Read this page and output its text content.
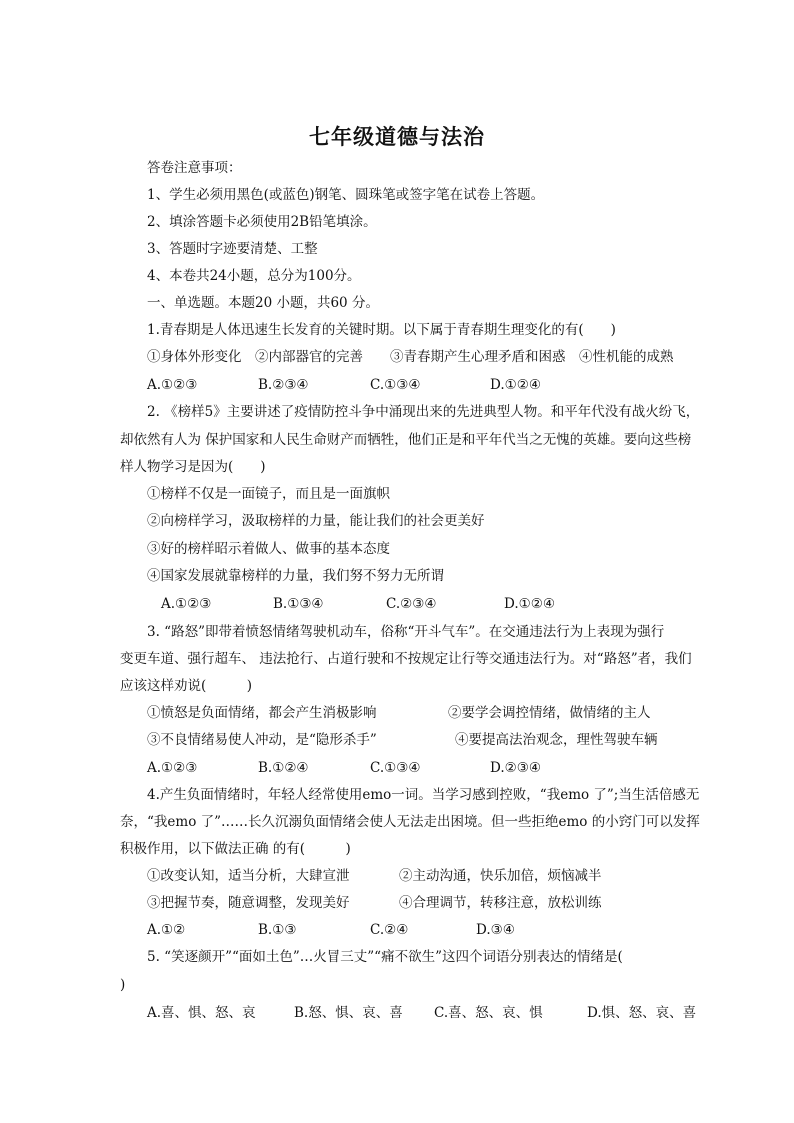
七年级道德与法治
答卷注意事项：
1、学生必须用黑色(或蓝色)钢笔、圆珠笔或签字笔在试卷上答题。
2、填涂答题卡必须使用2B铅笔填涂。
3、答题时字迹要清楚、工整
4、本卷共24小题，总分为100分。
一、单选题。本题20 小题，共60 分。
1.青春期是人体迅速生长发育的关键时期。以下属于青春期生理变化的有(　　)
①身体外形变化　②内部器官的完善　　③青春期产生心理矛盾和困惑　④性机能的成熟
A.①②③	B.②③④	C.①③④	D.①②④
2. 《榜样5》主要讲述了疫情防控斗争中涌现出来的先进典型人物。和平年代没有战火纷飞，
却依然有人为 保护国家和人民生命财产而牺牲，他们正是和平年代当之无愧的英雄。要向这些榜
样人物学习是因为(　　)
①榜样不仅是一面镜子，而且是一面旗帜
②向榜样学习，汲取榜样的力量，能让我们的社会更美好
③好的榜样昭示着做人、做事的基本态度
④国家发展就靠榜样的力量，我们努不努力无所谓
A.①②③	B.①③④	C.②③④	D.①②④
3. “路怒”即带着愤怒情绪驾驶机动车，俗称“开斗气车”。在交通违法行为上表现为强行
变更车道、强行超车、 违法抢行、占道行驶和不按规定让行等交通违法行为。对“路怒”者，我们
应该这样劝说(　　　)
①愤怒是负面情绪，都会产生消极影响	②要学会调控情绪，做情绪的主人
③不良情绪易使人冲动，是“隐形杀手”	④要提高法治观念，理性驾驶车辆
A.①②③	B.①②④	C.①③④	D.②③④
4.产生负面情绪时，年轻人经常使用emo一词。当学习感到控败，“我emo 了”;当生活倍感无
奈，“我emo 了”……长久沉溺负面情绪会使人无法走出困境。但一些拒绝emo 的小窍门可以发挥
积极作用，以下做法正确 的有(　　　)
①改变认知，适当分析，大肆宣泄	②主动沟通，快乐加倍，烦恼减半
③把握节奏，随意调整，发现美好	④合理调节，转移注意，放松训练
A.①②	B.①③	C.②④	D.③④
5. “笑逐颜开”“面如土色”…火冒三丈”“痛不欲生”这四个词语分别表达的情绪是(
)
A.喜、惧、怒、哀	B.怒、惧、哀、喜 C.喜、怒、哀、惧	D.惧、怒、哀、喜
